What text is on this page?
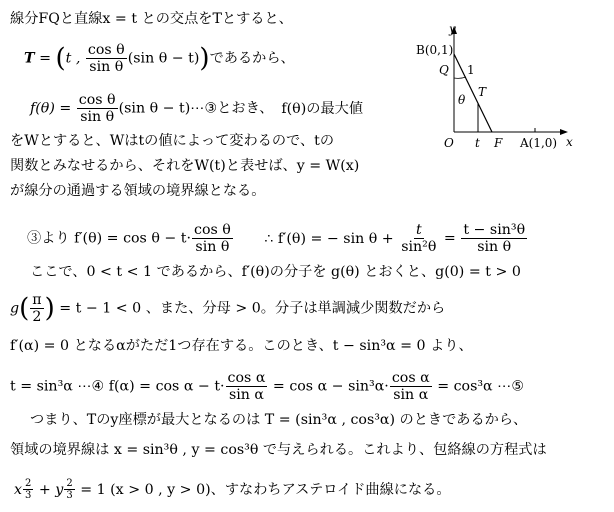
線分FQと直線x = t との交点をTとすると、
T = (t , $\frac{\text{cos θ}}{\text{sin θ}} (\sin$ θ − t))であるから、
$f(\theta) = \frac{\text{cos θ}}{\text{sin θ}} (\sin$ θ − t)⋯③とおき、 f(θ)の最大値
をWとすると、Wはtの値によって変わるので、tの
関数とみなせるから、それをW(t)と表せば、y = W(x)
が線分の通過する領域の境界線となる。
③より $f'(\theta) = \cos \theta - t\cdot \frac{\text{cos θ}}{\text{sin θ}}$ ∴ f′(θ) = − $\sin \theta + \frac{t}{\text{sin²θ}} = \frac{\text{t − sin³θ}}{\text{sin θ}}$
ここで、0 < t < 1 であるから、f′(θ)の分子を g(θ) とおくと、g(0) = t > 0
$g( \frac{\pi}{2}$ ) = t − 1 < 0 、また、分母 > 0。分子は単調減少関数だから
f′(α) = 0 となるαがただ1つ存在する。このとき、t − sin³α = 0 より、
t = sin³α ⋯④ $f(\alpha) = \cos \alpha - t\cdot \frac{\text{cos α}}{\text{sin α}} = \cos \alpha - \sin^3\alpha\cdot \frac{\text{cos α}}{\text{sin α}} = \cos^3\alpha$ ⋯⑤
つまり、Tのy座標が最大となるのは T = (sin³α , cos³α) のときであるから、
領域の境界線は x = sin³θ , y = cos³θ で与えられる。これより、包絡線の方程式は
x $\frac{2}{3} + y \frac{2}{3} = 1$ (x > 0 , y > 0)、すなわちアステロイド曲線になる。
y
x
O
B(0,1)
Q 1
θ
T
t F A(1,0)
